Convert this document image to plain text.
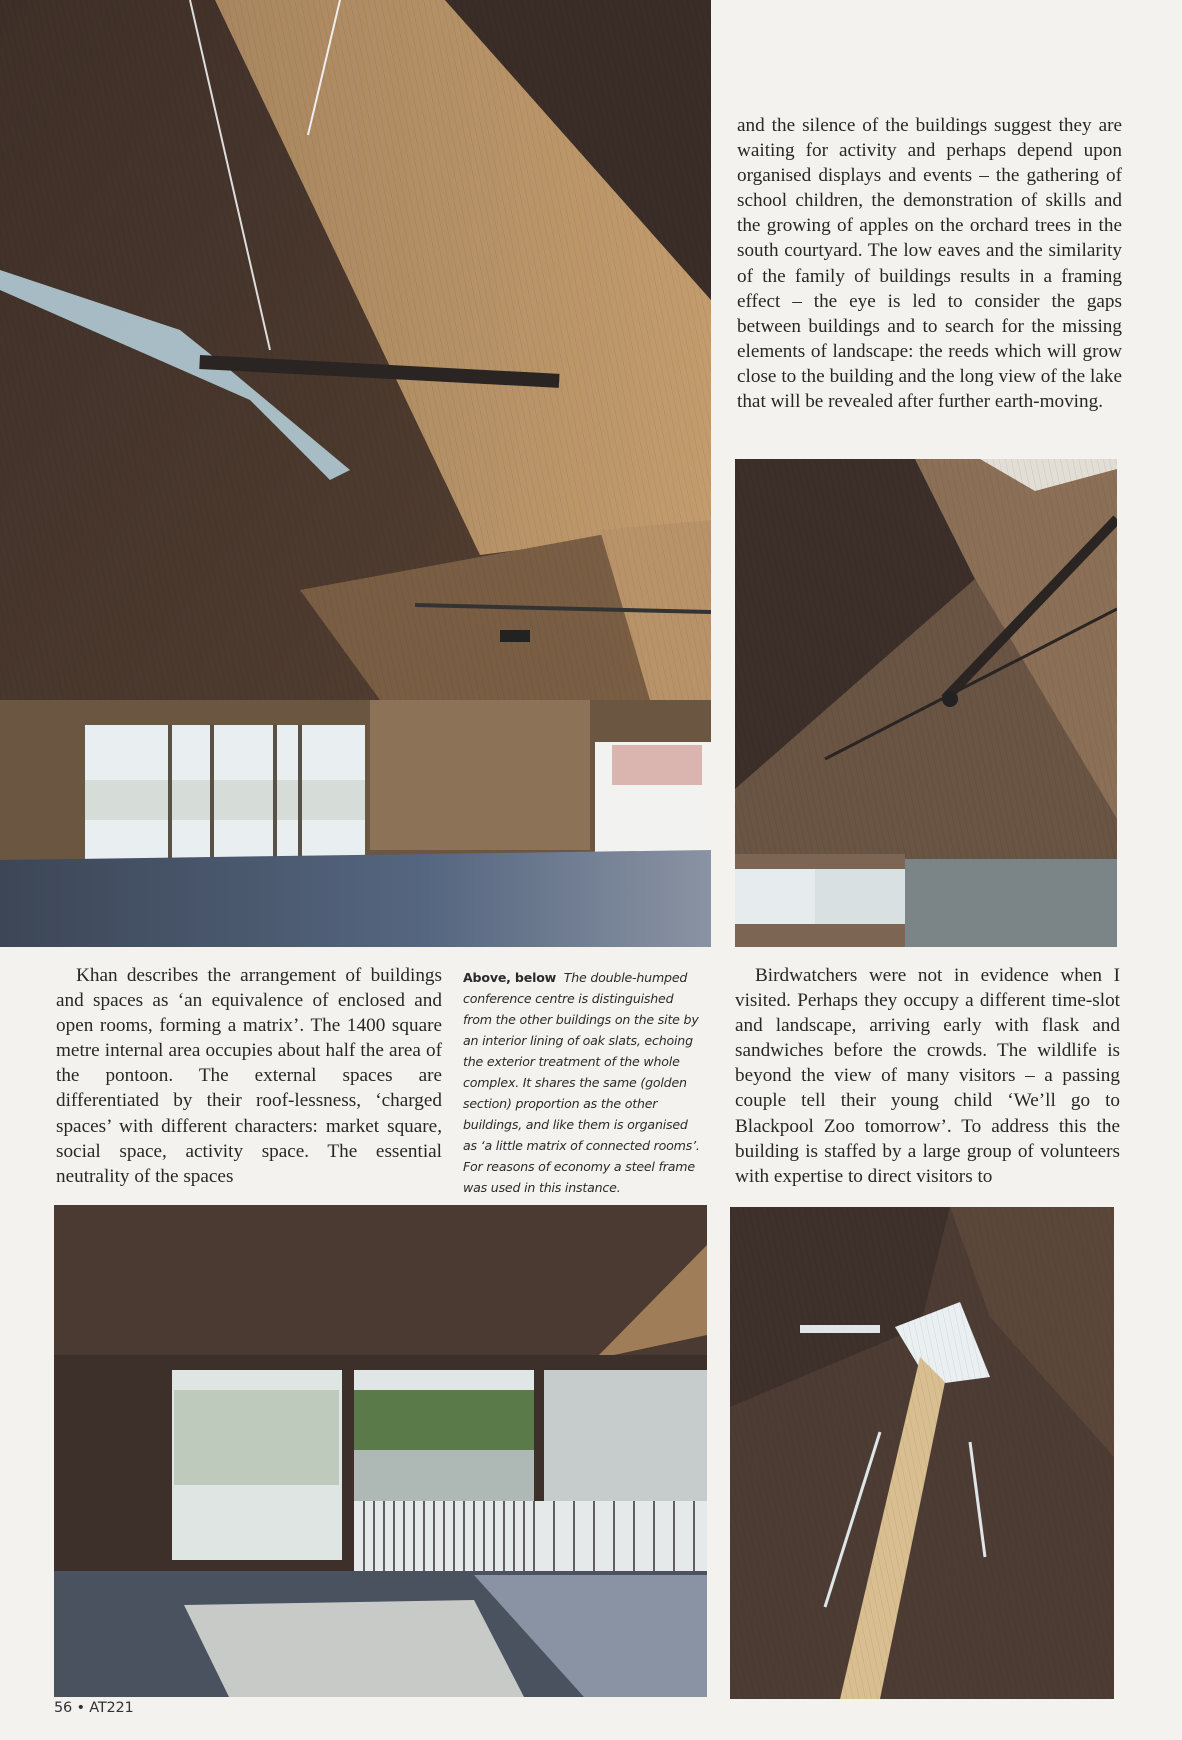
and the silence of the buildings suggest they are waiting for activity and perhaps depend upon organised displays and events – the gathering of school children, the demonstration of skills and the growing of apples on the orchard trees in the south courtyard. The low eaves and the similarity of the family of buildings results in a framing effect – the eye is led to consider the gaps between buildings and to search for the missing elements of landscape: the reeds which will grow close to the building and the long view of the lake that will be revealed after further earth-moving.

Khan describes the arrangement of buildings and spaces as ‘an equivalence of enclosed and open rooms, forming a matrix’. The 1400 square metre internal area occupies about half the area of the pontoon. The external spaces are differentiated by their roof-lessness, ‘charged spaces’ with different characters: market square, social space, activity space. The essential neutrality of the spaces

Above, below The double-humped conference centre is distinguished from the other buildings on the site by an interior lining of oak slats, echoing the exterior treatment of the whole complex. It shares the same (golden section) proportion as the other buildings, and like them is organised as ‘a little matrix of connected rooms’. For reasons of economy a steel frame was used in this instance.

Birdwatchers were not in evidence when I visited. Perhaps they occupy a different time-slot and landscape, arriving early with flask and sandwiches before the crowds. The wildlife is beyond the view of many visitors – a passing couple tell their young child ‘We’ll go to Blackpool Zoo tomorrow’. To address this the building is staffed by a large group of volunteers with expertise to direct visitors to

56 • AT221
